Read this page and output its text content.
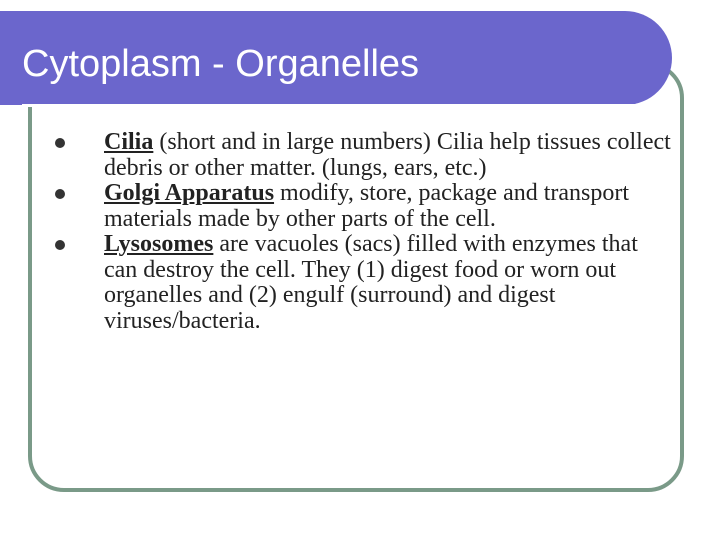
Cytoplasm - Organelles
Cilia (short and in large numbers) Cilia help tissues collect debris or other matter. (lungs, ears, etc.)
Golgi Apparatus modify, store, package and transport materials made by other parts of the cell.
Lysosomes are vacuoles (sacs) filled with enzymes that can destroy the cell. They (1) digest food or worn out organelles and (2) engulf (surround) and digest viruses/bacteria.
